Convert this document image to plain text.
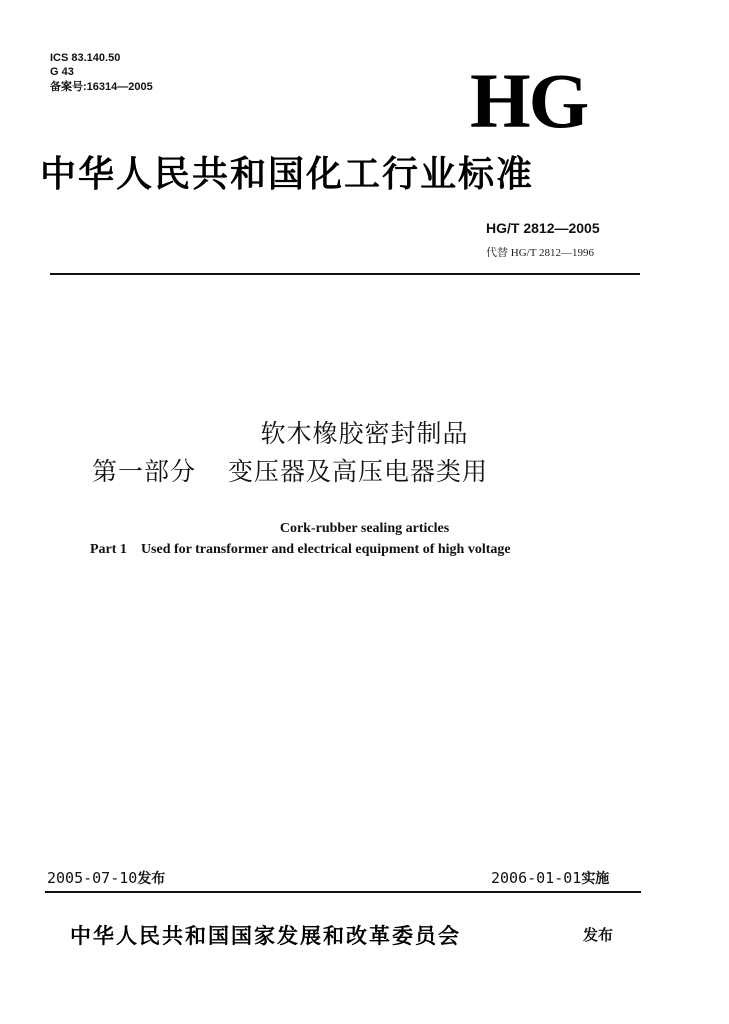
ICS 83.140.50
G 43
备案号:16314—2005	HG
中华人民共和国化工行业标准
HG/T 2812—2005
代替 HG/T 2812—1996
软木橡胶密封制品
第一部分 变压器及高压电器类用
Cork-rubber sealing articles
Part 1 Used for transformer and electrical equipment of high voltage
2005-07-10发布	2006-01-01实施
中华人民共和国国家发展和改革委员会	发布
